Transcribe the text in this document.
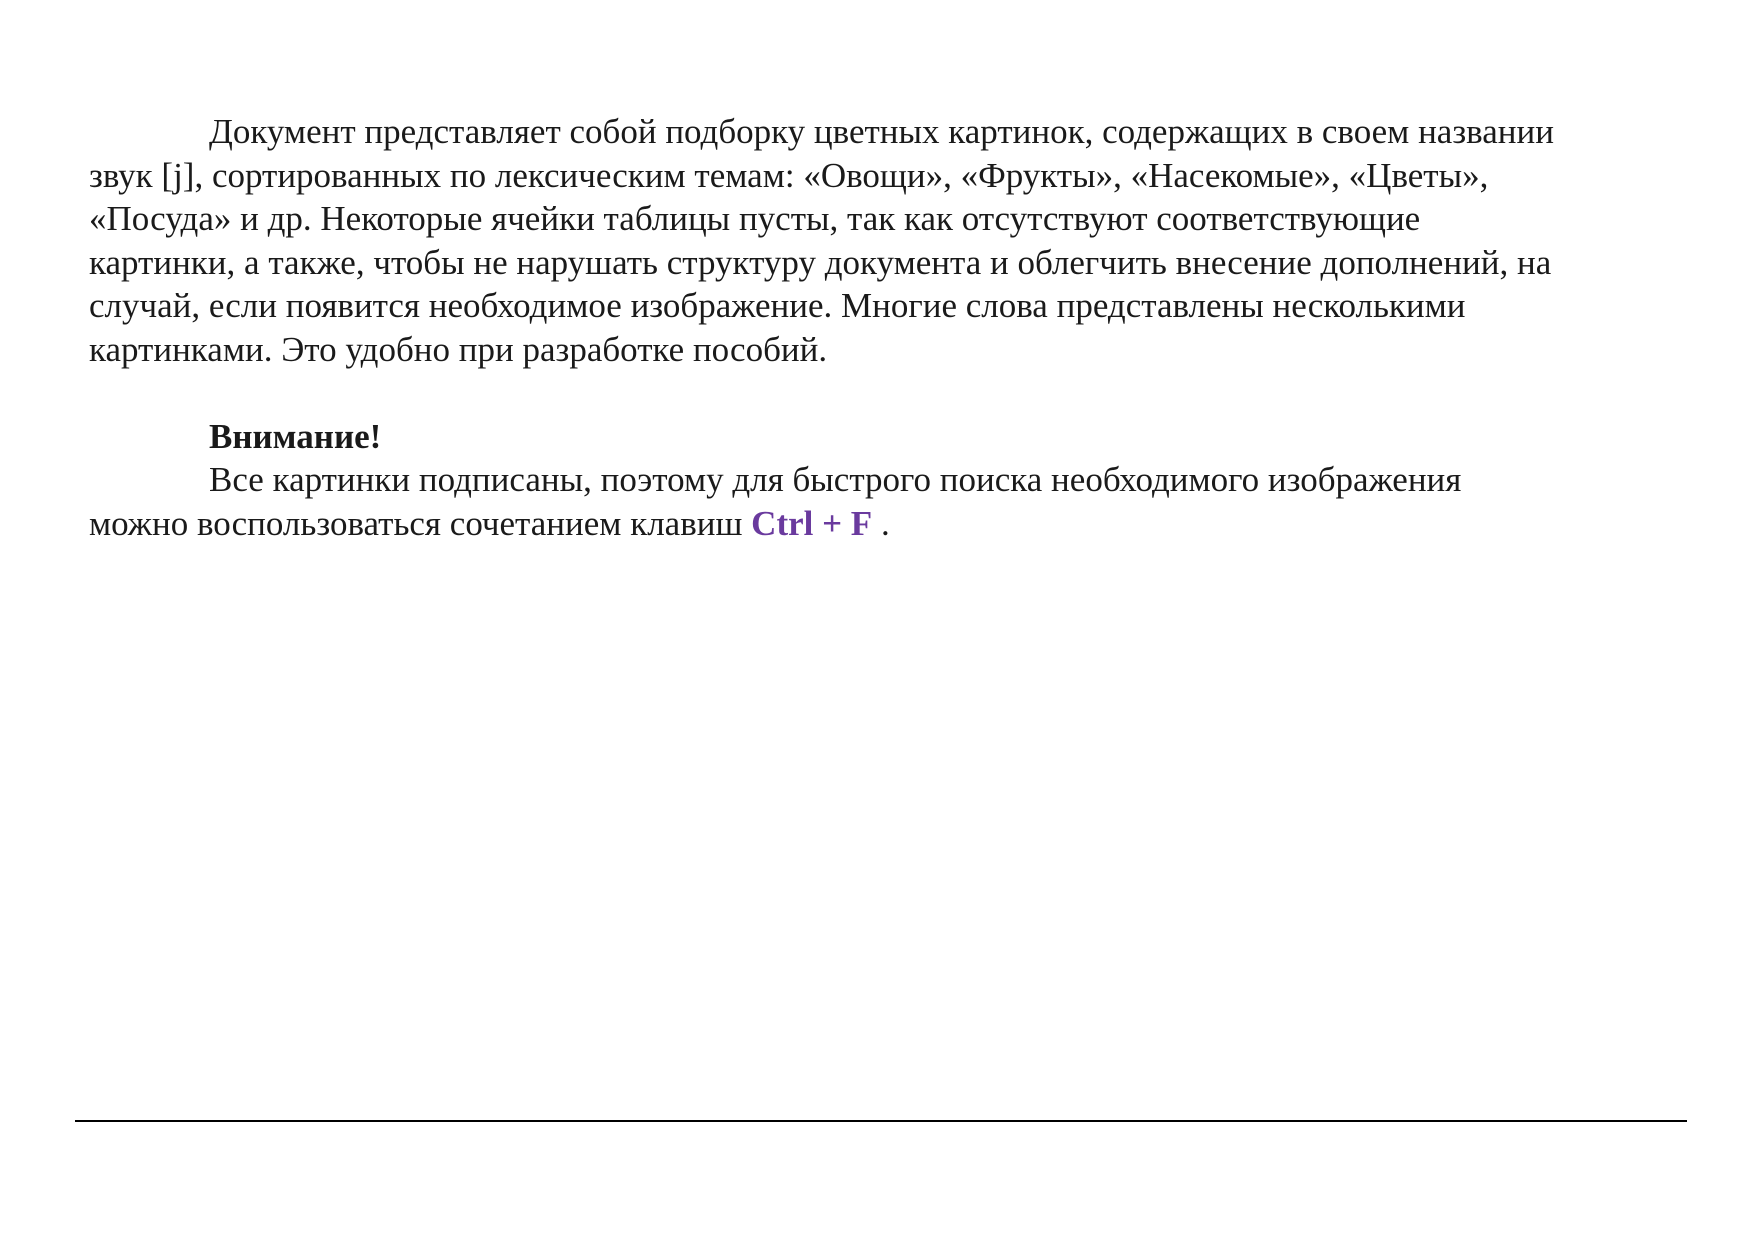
Документ представляет собой подборку цветных картинок, содержащих в своем названии
звук [j], сортированных по лексическим темам: «Овощи», «Фрукты», «Насекомые», «Цветы»,
«Посуда» и др. Некоторые ячейки таблицы пусты, так как отсутствуют соответствующие
картинки, а также, чтобы не нарушать структуру документа и облегчить внесение дополнений, на
случай, если появится необходимое изображение. Многие слова представлены несколькими
картинками. Это удобно при разработке пособий.

Внимание!

Все картинки подписаны, поэтому для быстрого поиска необходимого изображения
можно воспользоваться сочетанием клавиш Ctrl + F .
